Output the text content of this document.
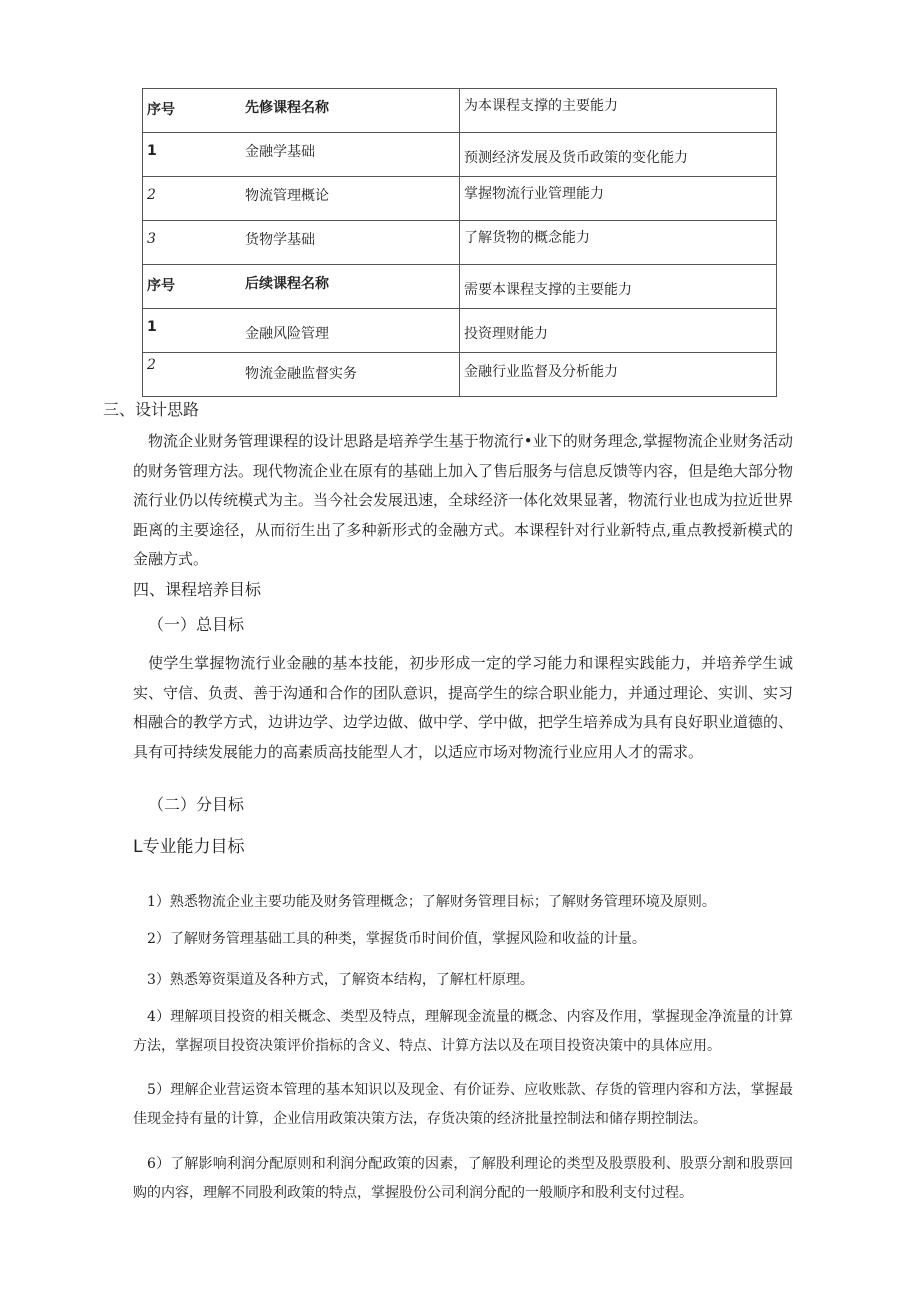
序号	先修课程名称	为本课程支撑的主要能力
1	金融学基础	预测经济发展及货币政策的变化能力
2	物流管理概论	掌握物流行业管理能力
3	货物学基础	了解货物的概念能力
序号	后续课程名称	需要本课程支撑的主要能力
1	金融风险管理	投资理财能力
2	物流金融监督实务	金融行业监督及分析能力
三、设计思路
物流企业财务管理课程的设计思路是培养学生基于物流行•业下的财务理念,掌握物流企业财务活动的财务管理方法。现代物流企业在原有的基础上加入了售后服务与信息反馈等内容，但是绝大部分物流行业仍以传统模式为主。当今社会发展迅速，全球经济一体化效果显著，物流行业也成为拉近世界距离的主要途径，从而衍生出了多种新形式的金融方式。本课程针对行业新特点,重点教授新模式的金融方式。
四、课程培养目标
（一）总目标
使学生掌握物流行业金融的基本技能，初步形成一定的学习能力和课程实践能力，并培养学生诚实、守信、负责、善于沟通和合作的团队意识，提高学生的综合职业能力，并通过理论、实训、实习相融合的教学方式，边讲边学、边学边做、做中学、学中做，把学生培养成为具有良好职业道德的、具有可持续发展能力的高素质高技能型人才，以适应市场对物流行业应用人才的需求。
（二）分目标
L专业能力目标
1）熟悉物流企业主要功能及财务管理概念；了解财务管理目标；了解财务管理环境及原则。
2）了解财务管理基础工具的种类，掌握货币时间价值，掌握风险和收益的计量。
3）熟悉筹资渠道及各种方式，了解资本结构，了解杠杆原理。
4）理解项目投资的相关概念、类型及特点，理解现金流量的概念、内容及作用，掌握现金净流量的计算方法，掌握项目投资决策评价指标的含义、特点、计算方法以及在项目投资决策中的具体应用。
5）理解企业营运资本管理的基本知识以及现金、有价证券、应收账款、存货的管理内容和方法，掌握最佳现金持有量的计算，企业信用政策决策方法，存货决策的经济批量控制法和储存期控制法。
6）了解影响利润分配原则和利润分配政策的因素，了解股利理论的类型及股票股利、股票分割和股票回购的内容，理解不同股利政策的特点，掌握股份公司利润分配的一般顺序和股利支付过程。
